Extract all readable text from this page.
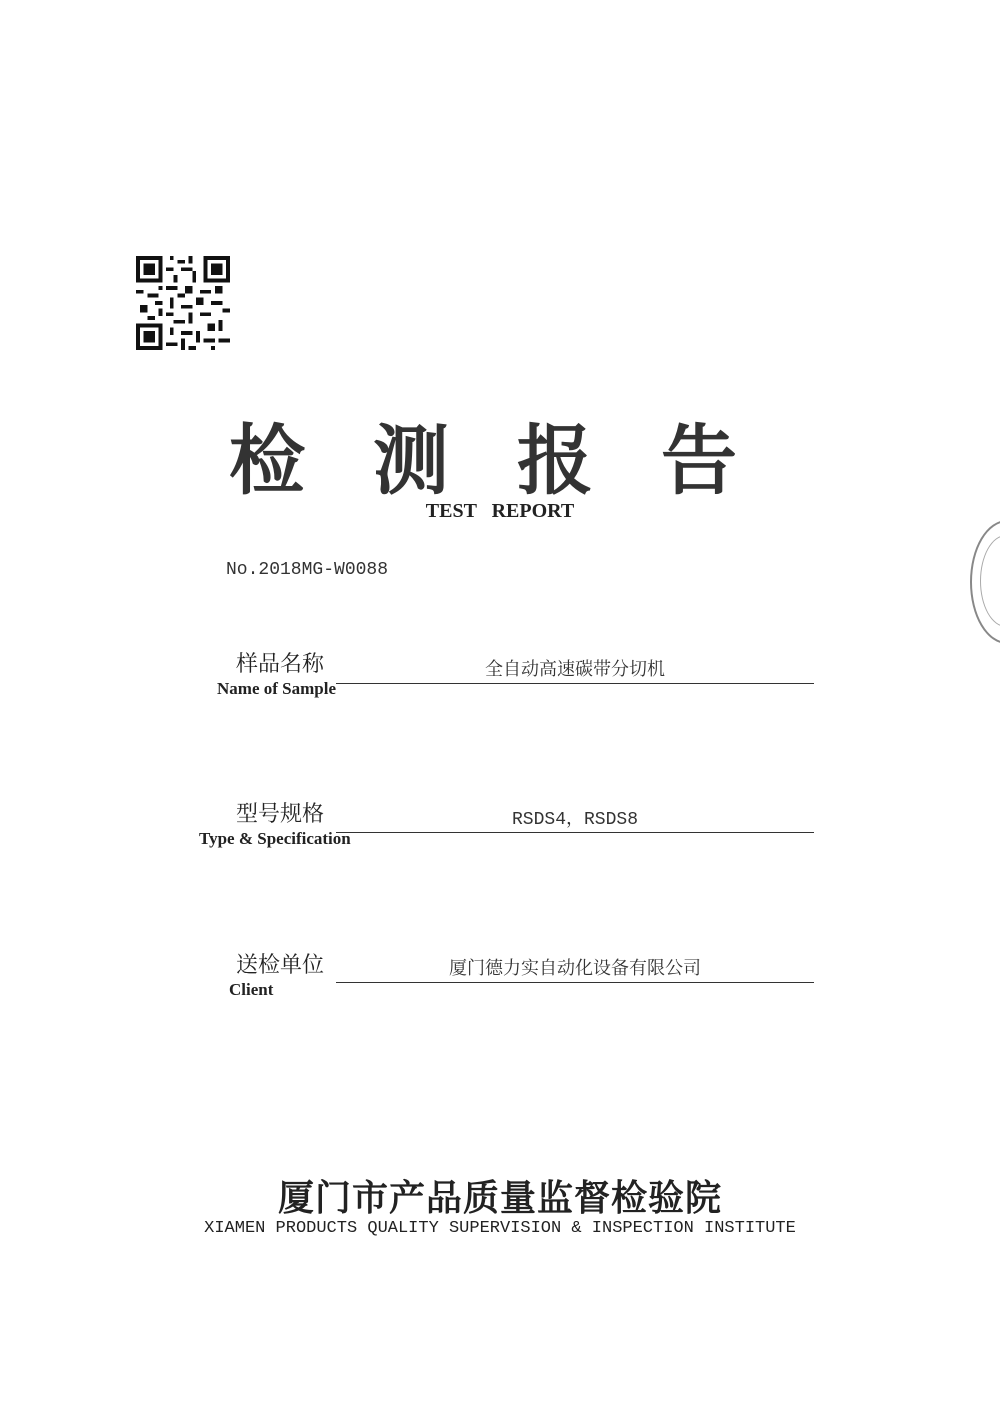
检测报告
TEST REPORT
No.2018MG-W0088
样品名称	全自动高速碳带分切机
Name of Sample
型号规格	RSDS4，RSDS8
Type & Specification
送检单位	厦门德力实自动化设备有限公司
Client
厦门市产品质量监督检验院
XIAMEN PRODUCTS QUALITY SUPERVISION & INSPECTION INSTITUTE
